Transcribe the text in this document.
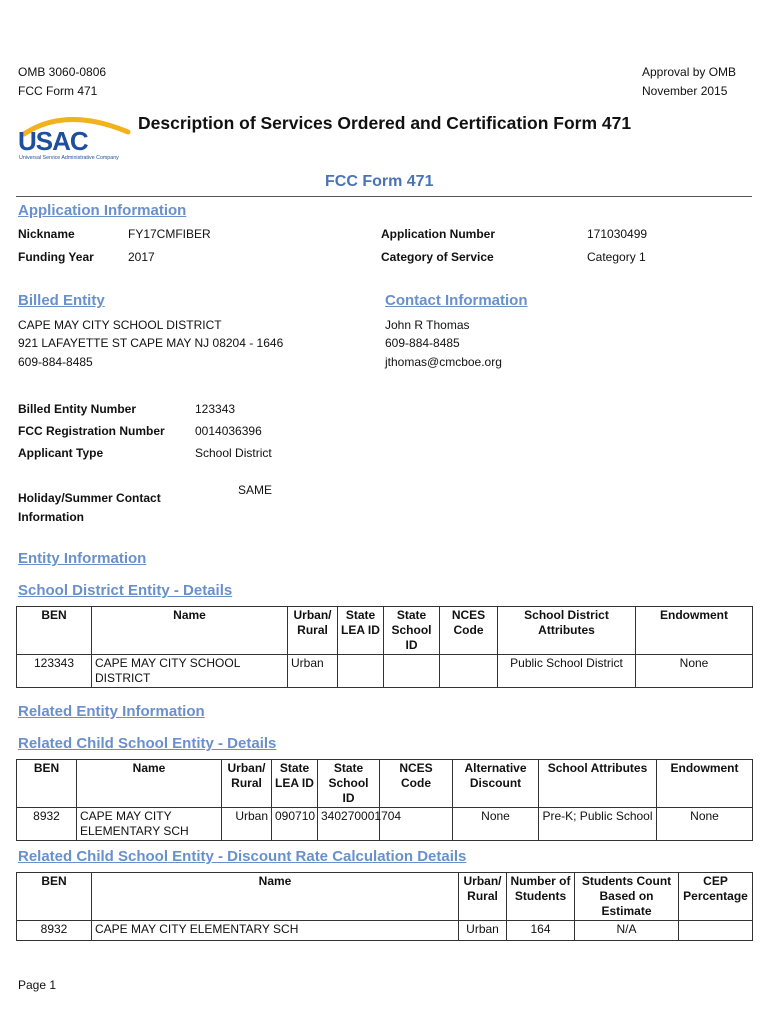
OMB 3060-0806
FCC Form 471
Approval by OMB
November 2015
USAC
Universal Service Administrative Company
Description of Services Ordered and Certification Form 471
FCC Form 471
Application Information
Nickname	FY17CMFIBER
Funding Year	2017
Application Number	171030499
Category of Service	Category 1
Billed Entity
CAPE MAY CITY SCHOOL DISTRICT
921 LAFAYETTE ST CAPE MAY NJ 08204 - 1646
609-884-8485
Contact Information
John R Thomas
609-884-8485
jthomas@cmcboe.org
Billed Entity Number	123343
FCC Registration Number	0014036396
Applicant Type	School District
Holiday/Summer Contact
Information
SAME
Entity Information
School District Entity - Details
BEN	Name	Urban/ Rural	State LEA ID	State School ID	NCES Code	School District Attributes	Endowment
123343	CAPE MAY CITY SCHOOL DISTRICT	Urban				Public School District	None
Related Entity Information
Related Child School Entity - Details
BEN	Name	Urban/ Rural	State LEA ID	State School ID	NCES Code	Alternative Discount	School Attributes	Endowment
8932	CAPE MAY CITY ELEMENTARY SCH	Urban	090710	340270001704		None	Pre-K; Public School	None
Related Child School Entity - Discount Rate Calculation Details
BEN	Name	Urban/ Rural	Number of Students	Students Count Based on Estimate	CEP Percentage
8932	CAPE MAY CITY ELEMENTARY SCH	Urban	164	N/A	
Page 1
